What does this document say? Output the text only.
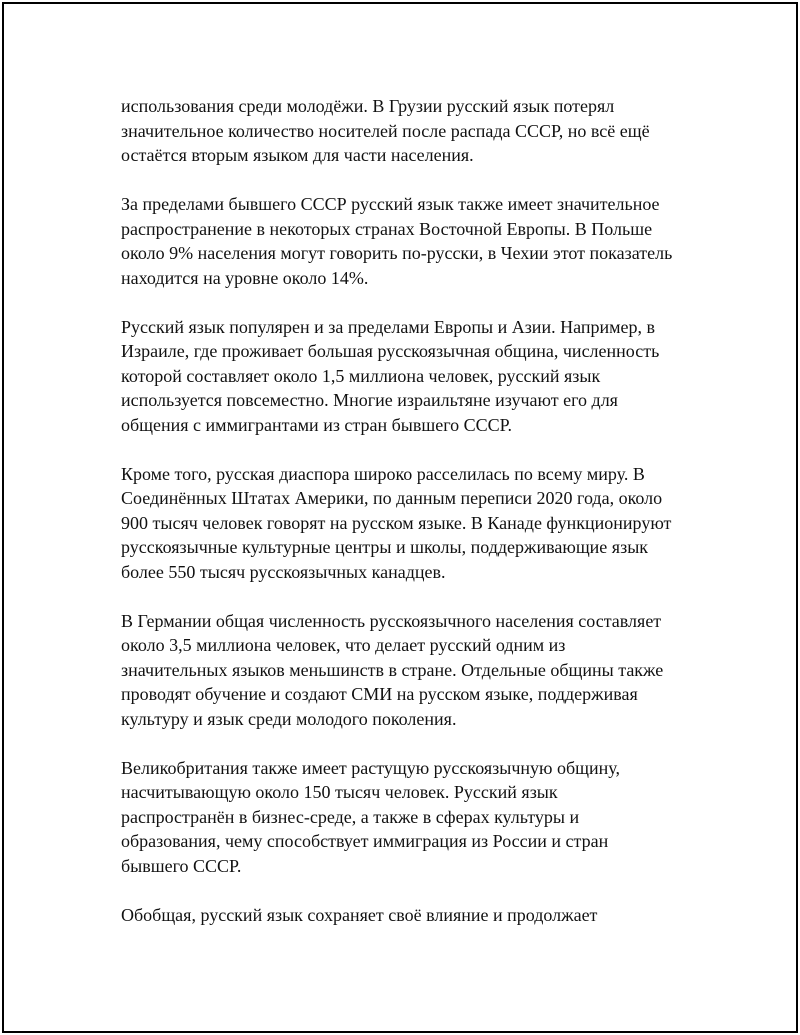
использования среди молодёжи. В Грузии русский язык потерял
значительное количество носителей после распада СССР, но всё ещё
остаётся вторым языком для части населения.

За пределами бывшего СССР русский язык также имеет значительное
распространение в некоторых странах Восточной Европы. В Польше
около 9% населения могут говорить по-русски, в Чехии этот показатель
находится на уровне около 14%.

Русский язык популярен и за пределами Европы и Азии. Например, в
Израиле, где проживает большая русскоязычная община, численность
которой составляет около 1,5 миллиона человек, русский язык
используется повсеместно. Многие израильтяне изучают его для
общения с иммигрантами из стран бывшего СССР.

Кроме того, русская диаспора широко расселилась по всему миру. В
Соединённых Штатах Америки, по данным переписи 2020 года, около
900 тысяч человек говорят на русском языке. В Канаде функционируют
русскоязычные культурные центры и школы, поддерживающие язык
более 550 тысяч русскоязычных канадцев.

В Германии общая численность русскоязычного населения составляет
около 3,5 миллиона человек, что делает русский одним из
значительных языков меньшинств в стране. Отдельные общины также
проводят обучение и создают СМИ на русском языке, поддерживая
культуру и язык среди молодого поколения.

Великобритания также имеет растущую русскоязычную общину,
насчитывающую около 150 тысяч человек. Русский язык
распространён в бизнес-среде, а также в сферах культуры и
образования, чему способствует иммиграция из России и стран
бывшего СССР.

Обобщая, русский язык сохраняет своё влияние и продолжает
